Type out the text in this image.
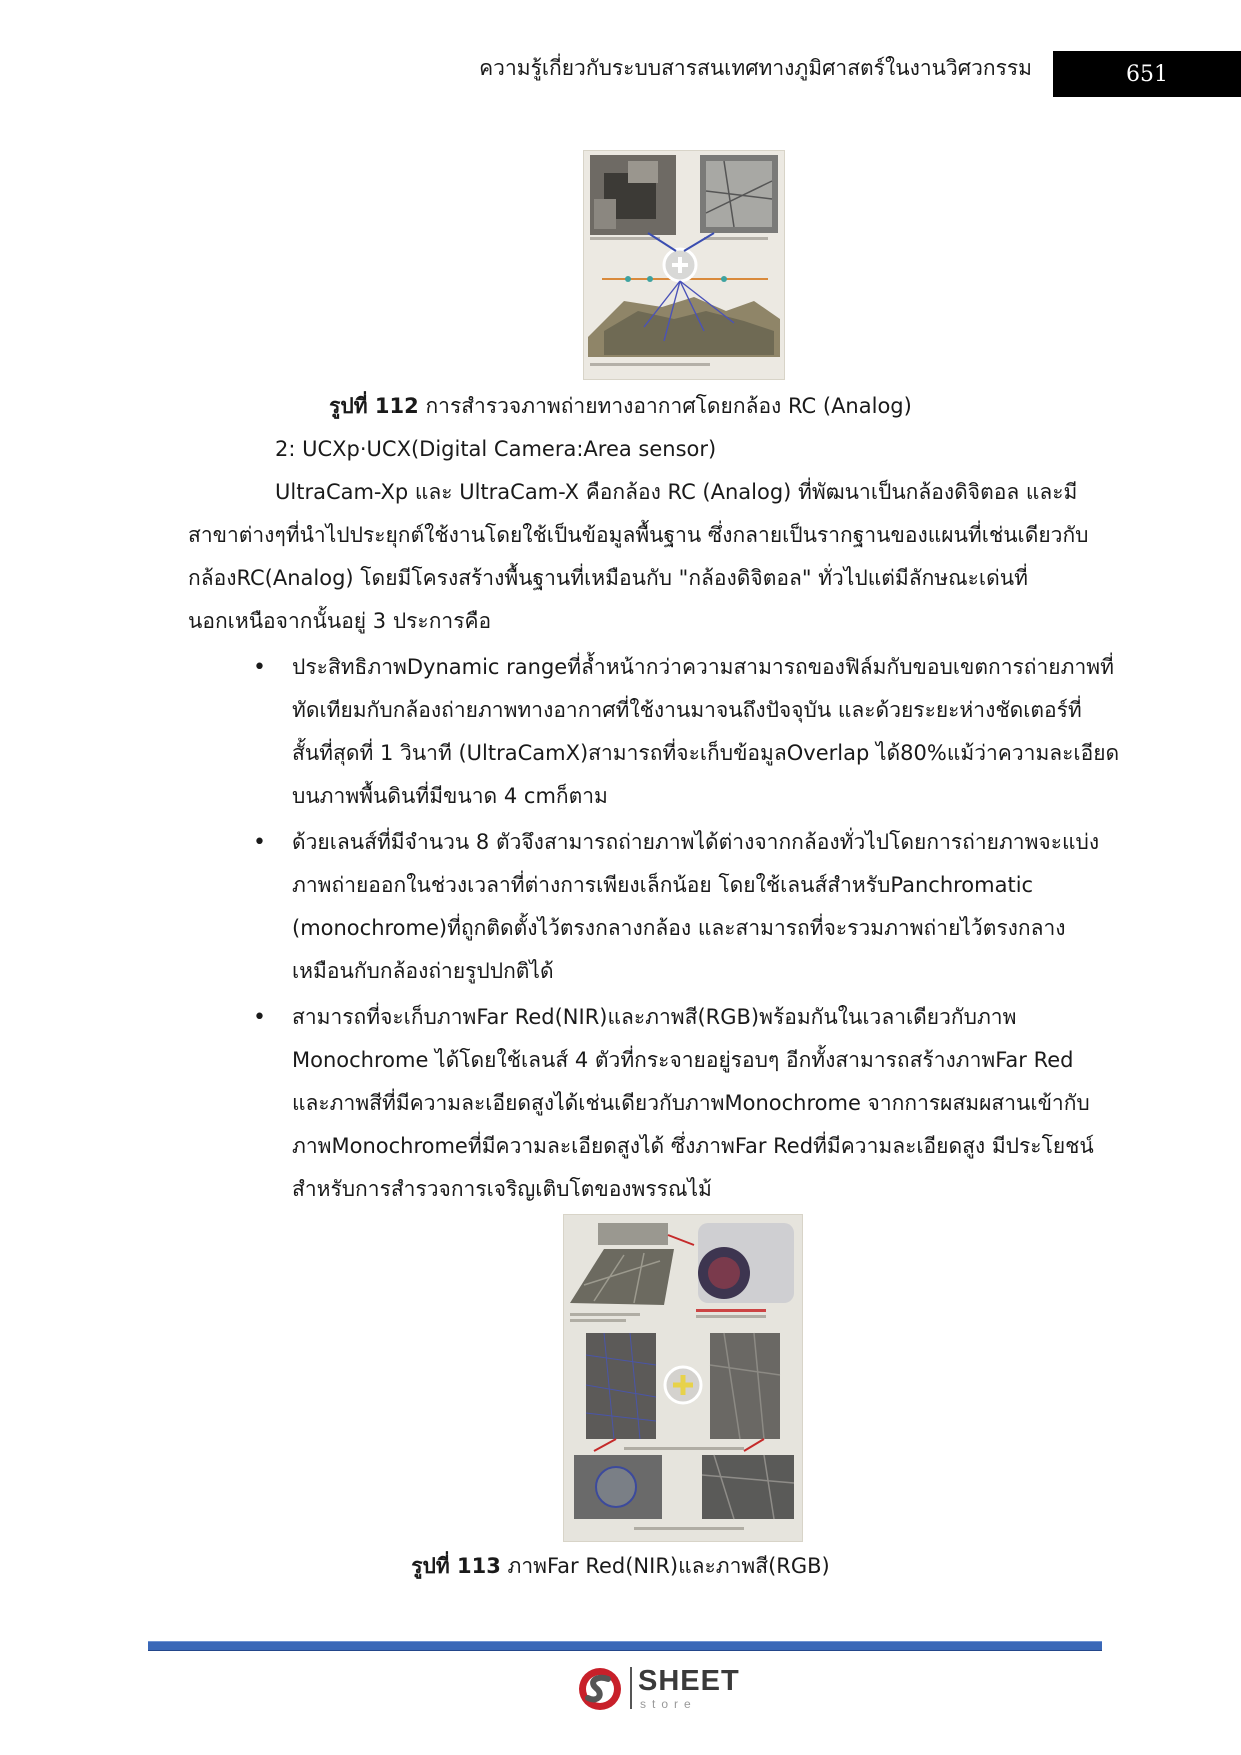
ความรู้เกี่ยวกับระบบสารสนเทศทางภูมิศาสตร์ในงานวิศวกรรม	651
รูปที่ 112 การสำรวจภาพถ่ายทางอากาศโดยกล้อง RC (Analog)
2: UCXp·UCX(Digital Camera:Area sensor)
UltraCam-Xp และ UltraCam-X คือกล้อง RC (Analog) ที่พัฒนาเป็นกล้องดิจิตอล และมี
สาขาต่างๆที่นำไปประยุกต์ใช้งานโดยใช้เป็นข้อมูลพื้นฐาน ซึ่งกลายเป็นรากฐานของแผนที่เช่นเดียวกับ
กล้องRC(Analog) โดยมีโครงสร้างพื้นฐานที่เหมือนกับ "กล้องดิจิตอล" ทั่วไปแต่มีลักษณะเด่นที่
นอกเหนือจากนั้นอยู่ 3 ประการคือ
• ประสิทธิภาพDynamic rangeที่ล้ำหน้ากว่าความสามารถของฟิล์มกับขอบเขตการถ่ายภาพที่
ทัดเทียมกับกล้องถ่ายภาพทางอากาศที่ใช้งานมาจนถึงปัจจุบัน และด้วยระยะห่างชัดเตอร์ที่
สั้นที่สุดที่ 1 วินาที (UltraCamX)สามารถที่จะเก็บข้อมูลOverlap ได้80%แม้ว่าความละเอียด
บนภาพพื้นดินที่มีขนาด 4 cmก็ตาม
• ด้วยเลนส์ที่มีจำนวน 8 ตัวจึงสามารถถ่ายภาพได้ต่างจากกล้องทั่วไปโดยการถ่ายภาพจะแบ่ง
ภาพถ่ายออกในช่วงเวลาที่ต่างการเพียงเล็กน้อย โดยใช้เลนส์สำหรับPanchromatic
(monochrome)ที่ถูกติดตั้งไว้ตรงกลางกล้อง และสามารถที่จะรวมภาพถ่ายไว้ตรงกลาง
เหมือนกับกล้องถ่ายรูปปกติได้
• สามารถที่จะเก็บภาพFar Red(NIR)และภาพสี(RGB)พร้อมกันในเวลาเดียวกับภาพ
Monochrome ได้โดยใช้เลนส์ 4 ตัวที่กระจายอยู่รอบๆ อีกทั้งสามารถสร้างภาพFar Red
และภาพสีที่มีความละเอียดสูงได้เช่นเดียวกับภาพMonochrome จากการผสมผสานเข้ากับ
ภาพMonochromeที่มีความละเอียดสูงได้ ซึ่งภาพFar Redที่มีความละเอียดสูง มีประโยชน์
สำหรับการสำรวจการเจริญเติบโตของพรรณไม้
รูปที่ 113 ภาพFar Red(NIR)และภาพสี(RGB)
SHEET
store
